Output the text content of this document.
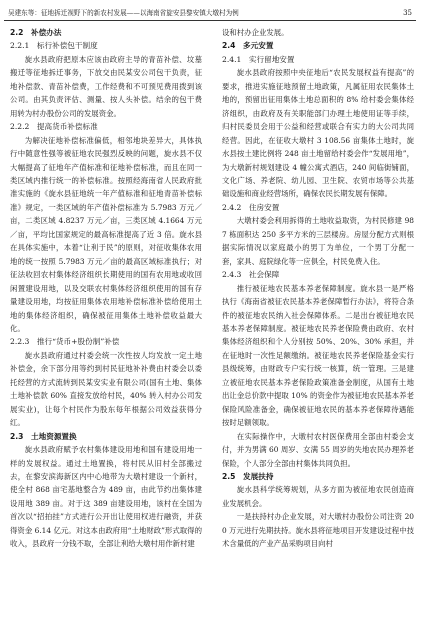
吴建东等：征地拆迁视野下的新农村发展——以海南省旋安县黎安镇大墩村为例	35
2.2　补偿办法
2.2.1　标行补偿包干制度

旋水县政府把原本应该由政府主导的青苗补偿、坟墓搬迁等征地拆迁事务，下放交由民某安公司包干负责，征地补偿款、青苗补偿费，工作经费和不可预见费用拨到该公司。由其负责评估、测量、按人头补偿。结余的包干费用转为村办股份公司的发展资金。

2.2.2　提高货币补偿标准

为解决征地补偿标准偏低，相邻地块差异大，具体执行中随意性强等被征地农民强烈反映的问题，旋水县不仅大幅提高了征地年产值标准和征地补偿标准，而且在同一类区域内推行统一的补偿标准。按照经海南省人民政府批准实施的《旋水县征地统一年产值标准和征地青苗补偿标准》规定，一类区域的年产值补偿标准为 5.7983 万元／亩，二类区域 4.8237 万元／亩，三类区域 4.1664 万元／亩，平均比国家规定的最高标准提高了近 3 倍。旋水县在具体实施中，本着“让利于民”的原则，对征收集体农用地的统一按照 5.7983 万元／亩的最高区域标准执行；对征法收回农村集体经济组织长期使用的国有农用地或收回闲置建设用地，以及交联农村集体经济组织使用的国有存量建设用地，均按征用集体农用地补偿标准补偿给使用土地的集体经济组织，确保被征用集体土地补偿收益最大化。

2.2.3　推行“货币+股份制”补偿

旋水县政府通过村委会统一次性按人均发放一定土地补偿金，余下部分用等约到村民征地补补费由村委会以委托经营的方式流转到民某安实业有限公司(国有土地、集体土地补偿款 60% 直接发放给村民，40% 转入村办公司发展实业)，让每个村民作为股东每年根据公司效益获得分红。

2.3　土地资源置换

旋水县政府赋予农村集体建设用地和国有建设用地一样的发展权益。通过土地置换，将村民从旧村全部搬过去，在黎安滨海新区内中心地带为大墩村建设一个新村，使全村 868 亩宅基地整合为 489 亩，由此节约出集体建设用地 389 亩。对于这 389 亩建设用地，该村在全国为首次以“招拍挂”方式进行公开出让使用权进行融资，并获得资金 6.14 亿元。对这本由政府用“土地财政”形式取得的收入，县政府一分钱不取，全部让利给大墩村用作新村建

设和村办企业发展。

2.4　多元安置
2.4.1　实行留地安置

旋水县政府按照中央征地后“农民发展权益有提高”的要求，推进实施征地预留土地政策，凡属征用农民集体土地的，预留出征用集体土地总面积的 8% 给村委会集体经济组织，由政府及有关职能部门办理土地使用证等手续，归村民委员会用于公益和经营或联合有实力的大公司共同经营。因此，在征收大墩村 3 108.56 亩集体土地时，旋水县按土建比例将 248 亩土地留给村委会作“发展用地”，为大墩新村规划建设 4 幢公寓式酒店，240 间临街铺面，文化广场、养老院、幼儿园、卫生院、农贸市场等公共基础设施和商业经营场所，确保农民长期发展有保障。

2.4.2　住房安置

大墩村委会利用拆得的土地收益取资，为村民修建 987 栋面积达 250 多平方米的三层楼房。房屋分配方式则根据实际情况以家庭最小的男丁为单位，一个男丁分配一套，家具、庭院绿化等一应俱全，村民免费入住。

2.4.3　社会保障

推行被征地农民基本养老保障制度。旋水县一是严格执行《海南省被征农民基本养老保障暂行办法》，将符合条件的被征地农民纳入社会保障体系。二是出台被征地农民基本养老保障制度。被征地农民养老保险费由政府、农村集体经济组织和个人分别按 50%、20%、30% 承担，并在征地时一次性足额缴纳。被征地农民养老保险基金实行县级统筹，由财政专户实行统一核算，统一管理。三是建立被征地农民基本养老保险政策准备金制度，从国有土地出让金总价款中提取 10% 的资金作为被征地农民基本养老保险风险准备金，确保被征地农民的基本养老保障待遇能按时足额领取。

在实际操作中，大墩村农村医保费用全部由村委会支付，并为男满 60 周岁、女满 55 周岁的失地农民办理养老保险，个人部分全部由村集体共同负担。

2.5　发展扶持

旋水县科学统筹规划，从多方面为被征地农民创造商业发展机会。

一是扶持村办企业发展，对大墩村办股份公司注资 200 万元进行先期扶持。旋水县将征地项目开发建设过程中技术含量低的产业产品采购项目向村
